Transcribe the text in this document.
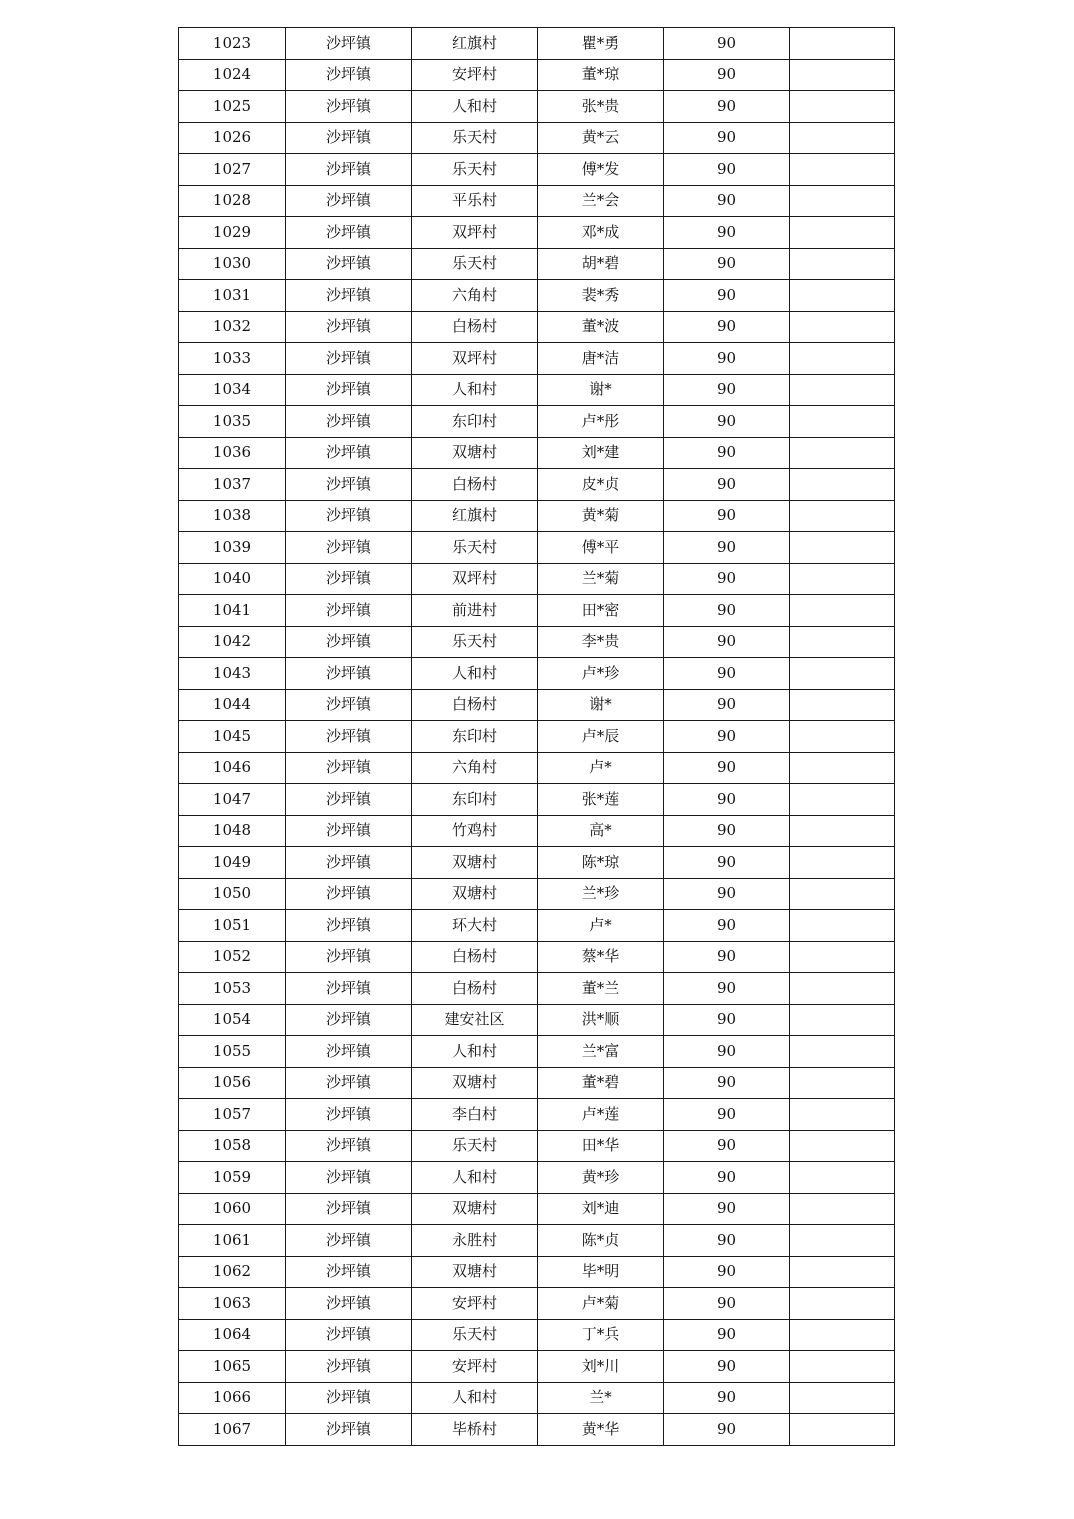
1023	沙坪镇	红旗村	瞿*勇	90	
1024	沙坪镇	安坪村	董*琼	90	
1025	沙坪镇	人和村	张*贵	90	
1026	沙坪镇	乐天村	黄*云	90	
1027	沙坪镇	乐天村	傅*发	90	
1028	沙坪镇	平乐村	兰*会	90	
1029	沙坪镇	双坪村	邓*成	90	
1030	沙坪镇	乐天村	胡*碧	90	
1031	沙坪镇	六角村	裴*秀	90	
1032	沙坪镇	白杨村	董*波	90	
1033	沙坪镇	双坪村	唐*洁	90	
1034	沙坪镇	人和村	谢*	90	
1035	沙坪镇	东印村	卢*彤	90	
1036	沙坪镇	双塘村	刘*建	90	
1037	沙坪镇	白杨村	皮*贞	90	
1038	沙坪镇	红旗村	黄*菊	90	
1039	沙坪镇	乐天村	傅*平	90	
1040	沙坪镇	双坪村	兰*菊	90	
1041	沙坪镇	前进村	田*密	90	
1042	沙坪镇	乐天村	李*贵	90	
1043	沙坪镇	人和村	卢*珍	90	
1044	沙坪镇	白杨村	谢*	90	
1045	沙坪镇	东印村	卢*辰	90	
1046	沙坪镇	六角村	卢*	90	
1047	沙坪镇	东印村	张*莲	90	
1048	沙坪镇	竹鸡村	高*	90	
1049	沙坪镇	双塘村	陈*琼	90	
1050	沙坪镇	双塘村	兰*珍	90	
1051	沙坪镇	环大村	卢*	90	
1052	沙坪镇	白杨村	蔡*华	90	
1053	沙坪镇	白杨村	董*兰	90	
1054	沙坪镇	建安社区	洪*顺	90	
1055	沙坪镇	人和村	兰*富	90	
1056	沙坪镇	双塘村	董*碧	90	
1057	沙坪镇	李白村	卢*莲	90	
1058	沙坪镇	乐天村	田*华	90	
1059	沙坪镇	人和村	黄*珍	90	
1060	沙坪镇	双塘村	刘*迪	90	
1061	沙坪镇	永胜村	陈*贞	90	
1062	沙坪镇	双塘村	毕*明	90	
1063	沙坪镇	安坪村	卢*菊	90	
1064	沙坪镇	乐天村	丁*兵	90	
1065	沙坪镇	安坪村	刘*川	90	
1066	沙坪镇	人和村	兰*	90	
1067	沙坪镇	毕桥村	黄*华	90	
